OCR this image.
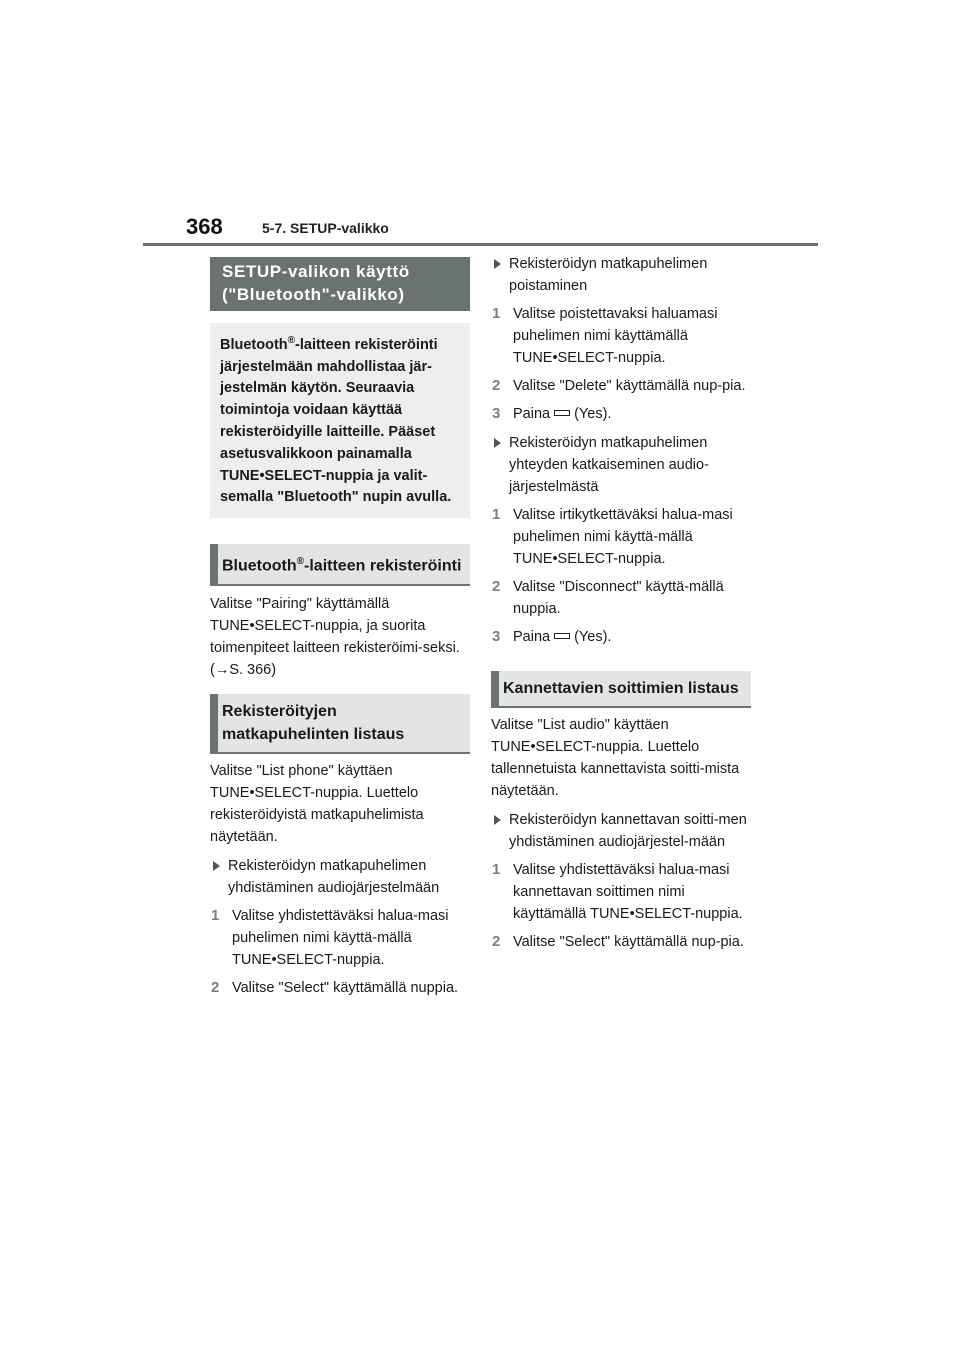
368	5-7. SETUP-valikko
SETUP-valikon käyttö ("Bluetooth"-valikko)
Bluetooth®-laitteen rekisteröinti järjestelmään mahdollistaa jär-jestelmän käytön. Seuraavia toimintoja voidaan käyttää rekisteröidyille laitteille. Pääset asetusvalikkoon painamalla TUNE•SELECT-nuppia ja valit-semalla "Bluetooth" nupin avulla.
Bluetooth®-laitteen rekisteröinti
Valitse "Pairing" käyttämällä TUNE•SELECT-nuppia, ja suorita toimenpiteet laitteen rekisteröimi-seksi. (→S. 366)
Rekisteröityjen matkapuhelinten listaus
Valitse "List phone" käyttäen TUNE•SELECT-nuppia. Luettelo rekisteröidyistä matkapuhelimista näytetään.
Rekisteröidyn matkapuhelimen yhdistäminen audiojärjestelmään
1 Valitse yhdistettäväksi halua-masi puhelimen nimi käyttä-mällä TUNE•SELECT-nuppia.
2 Valitse "Select" käyttämällä nuppia.
Rekisteröidyn matkapuhelimen poistaminen
1 Valitse poistettavaksi haluamasi puhelimen nimi käyttämällä TUNE•SELECT-nuppia.
2 Valitse "Delete" käyttämällä nup-pia.
3 Paina (Yes).
Rekisteröidyn matkapuhelimen yhteyden katkaiseminen audio-järjestelmästä
1 Valitse irtikytkettäväksi halua-masi puhelimen nimi käyttä-mällä TUNE•SELECT-nuppia.
2 Valitse "Disconnect" käyttä-mällä nuppia.
3 Paina (Yes).
Kannettavien soittimien listaus
Valitse "List audio" käyttäen TUNE•SELECT-nuppia. Luettelo tallennetuista kannettavista soitti-mista näytetään.
Rekisteröidyn kannettavan soitti-men yhdistäminen audiojärjestel-mään
1 Valitse yhdistettäväksi halua-masi kannettavan soittimen nimi käyttämällä TUNE•SELECT-nuppia.
2 Valitse "Select" käyttämällä nup-pia.
